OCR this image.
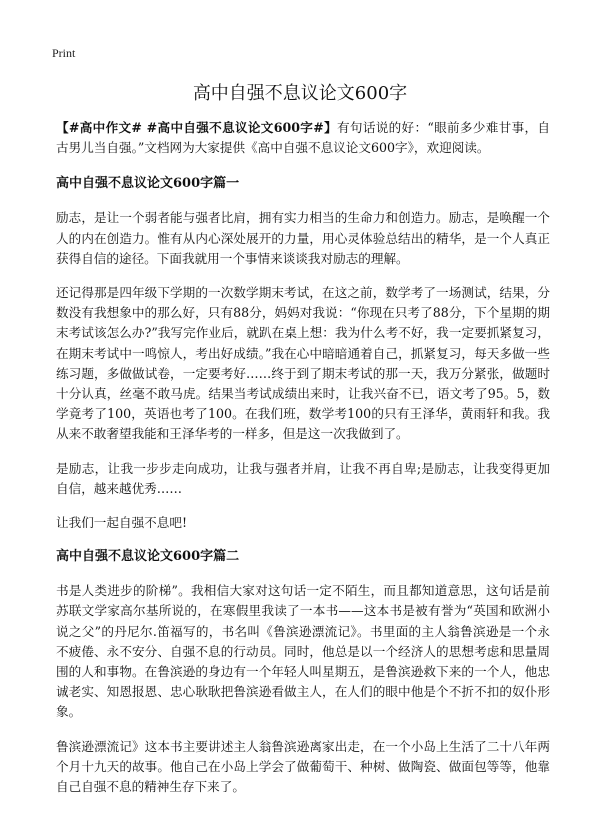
Print
高中自强不息议论文600字

【#高中作文# #高中自强不息议论文600字#】有句话说的好：“眼前多少难甘事，自古男儿当自强。”文档网为大家提供《高中自强不息议论文600字》，欢迎阅读。

高中自强不息议论文600字篇一

励志，是让一个弱者能与强者比肩，拥有实力相当的生命力和创造力。励志，是唤醒一个人的内在创造力。惟有从内心深处展开的力量，用心灵体验总结出的精华，是一个人真正获得自信的途径。下面我就用一个事情来谈谈我对励志的理解。

还记得那是四年级下学期的一次数学期末考试，在这之前，数学考了一场测试，结果，分数没有我想象中的那么好，只有88分，妈妈对我说：“你现在只考了88分，下个星期的期末考试该怎么办?”我写完作业后，就趴在桌上想：我为什么考不好，我一定要抓紧复习，在期末考试中一鸣惊人，考出好成绩。”我在心中暗暗通着自己，抓紧复习，每天多做一些练习题，多做做试卷，一定要考好……终于到了期末考试的那一天，我万分紧张，做题时十分认真，丝毫不敢马虎。结果当考试成绩出来时，让我兴奋不已，语文考了95。5，数学竟考了100，英语也考了100。在我们班，数学考100的只有王泽华，黄雨轩和我。我从来不敢奢望我能和王泽华考的一样多，但是这一次我做到了。

是励志，让我一步步走向成功，让我与强者并肩，让我不再自卑;是励志，让我变得更加自信，越来越优秀……

让我们一起自强不息吧!

高中自强不息议论文600字篇二

书是人类进步的阶梯”。我相信大家对这句话一定不陌生，而且都知道意思，这句话是前苏联文学家高尔基所说的，在寒假里我读了一本书——这本书是被有誉为“英国和欧洲小说之父”的丹尼尔.笛福写的，书名叫《鲁滨逊漂流记》。书里面的主人翁鲁滨逊是一个永不疲倦、永不安分、自强不息的行动员。同时，他总是以一个经济人的思想考虑和思量周围的人和事物。在鲁滨逊的身边有一个年轻人叫星期五，是鲁滨逊救下来的一个人，他忠诚老实、知恩报恩、忠心耿耿把鲁滨逊看做主人，在人们的眼中他是个不折不扣的奴仆形象。

鲁滨逊漂流记》这本书主要讲述主人翁鲁滨逊离家出走，在一个小岛上生活了二十八年两个月十九天的故事。他自己在小岛上学会了做葡萄干、种树、做陶瓷、做面包等等，他靠自己自强不息的精神生存下来了。
